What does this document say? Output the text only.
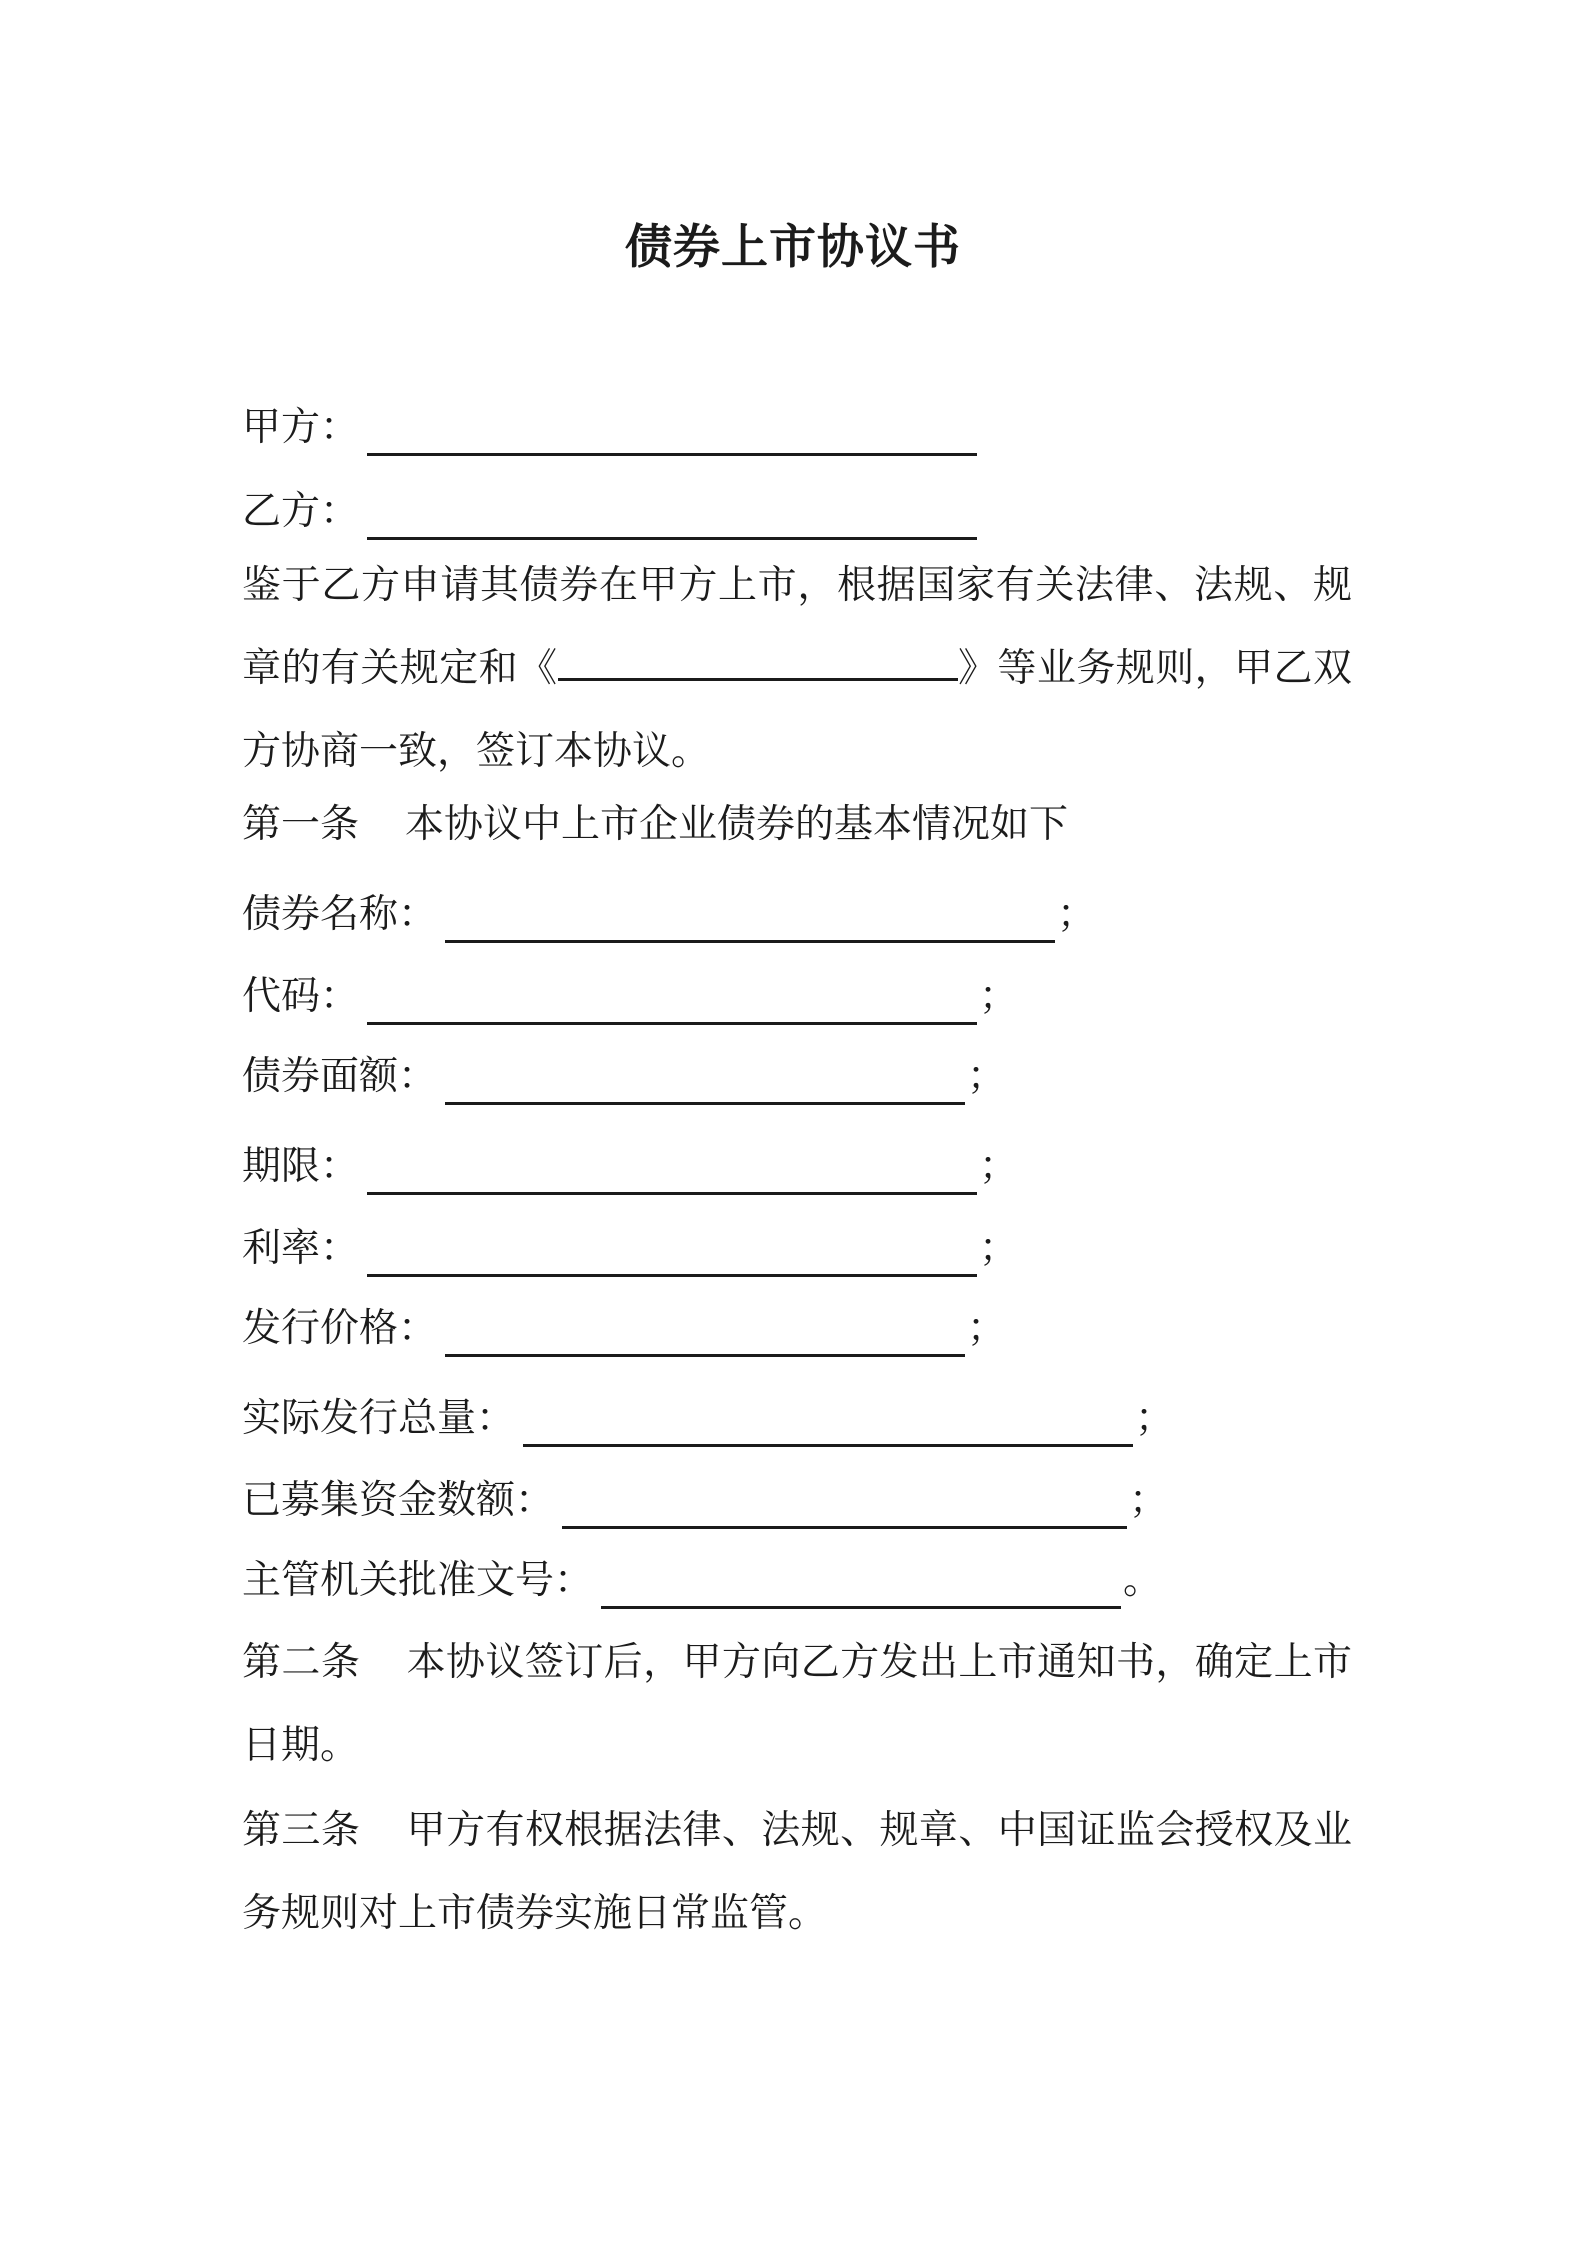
债券上市协议书
甲方：
乙方：
鉴于乙方申请其债券在甲方上市，根据国家有关法律、法规、规章的有关规定和《	》等业务规则，甲乙双方协商一致，签订本协议。
第一条 本协议中上市企业债券的基本情况如下
债券名称：	；
代码：	；
债券面额：	；
期限：	；
利率：	；
发行价格：	；
实际发行总量：	；
已募集资金数额：	；
主管机关批准文号：	。
第二条 本协议签订后，甲方向乙方发出上市通知书，确定上市日期。
第三条 甲方有权根据法律、法规、规章、中国证监会授权及业务规则对上市债券实施日常监管。
